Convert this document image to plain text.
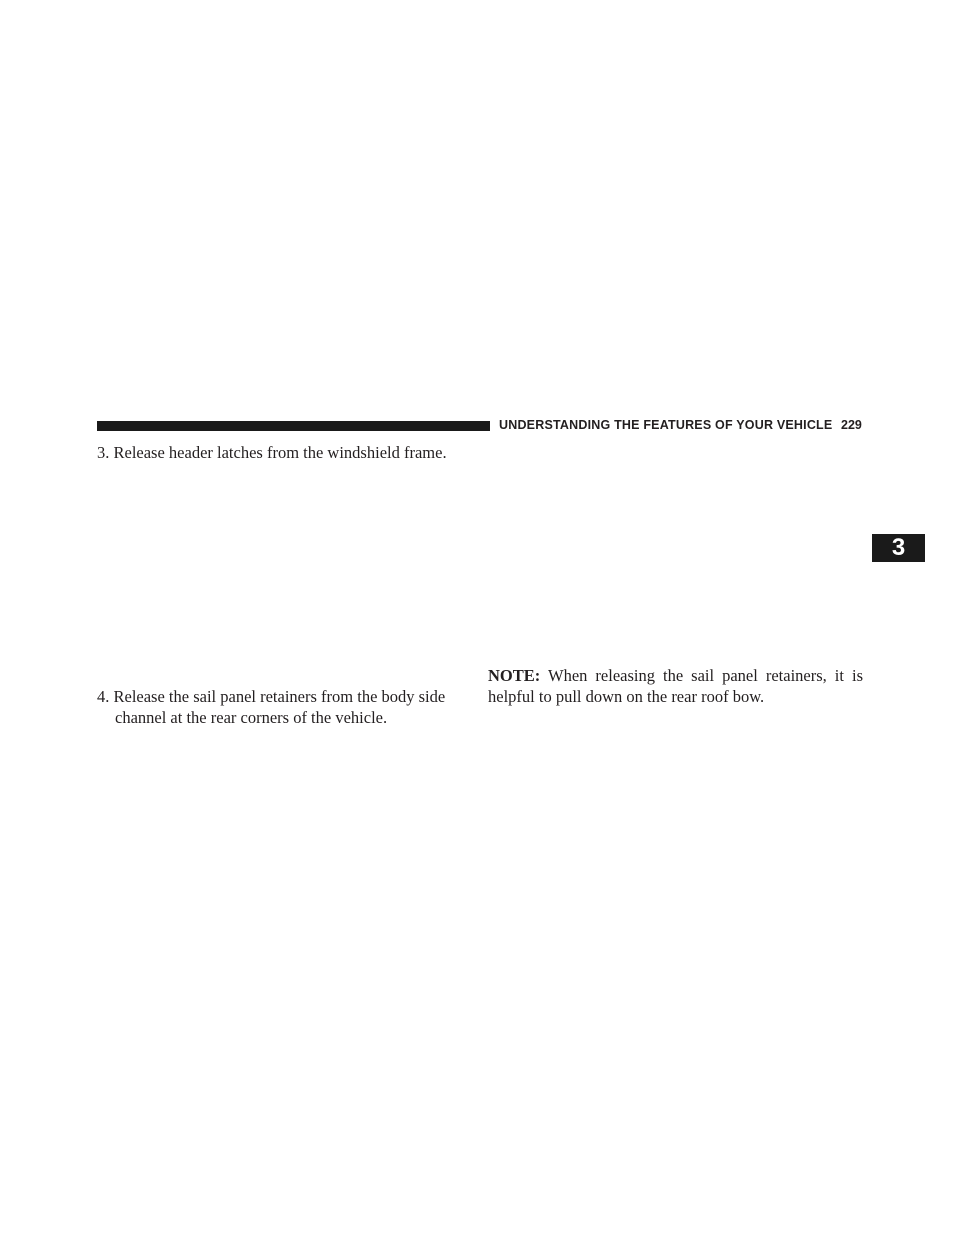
UNDERSTANDING THE FEATURES OF YOUR VEHICLE 229
3
3. Release header latches from the windshield frame.
4. Release the sail panel retainers from the body side
channel at the rear corners of the vehicle.
NOTE: When releasing the sail panel retainers, it is helpful to pull down on the rear roof bow.
